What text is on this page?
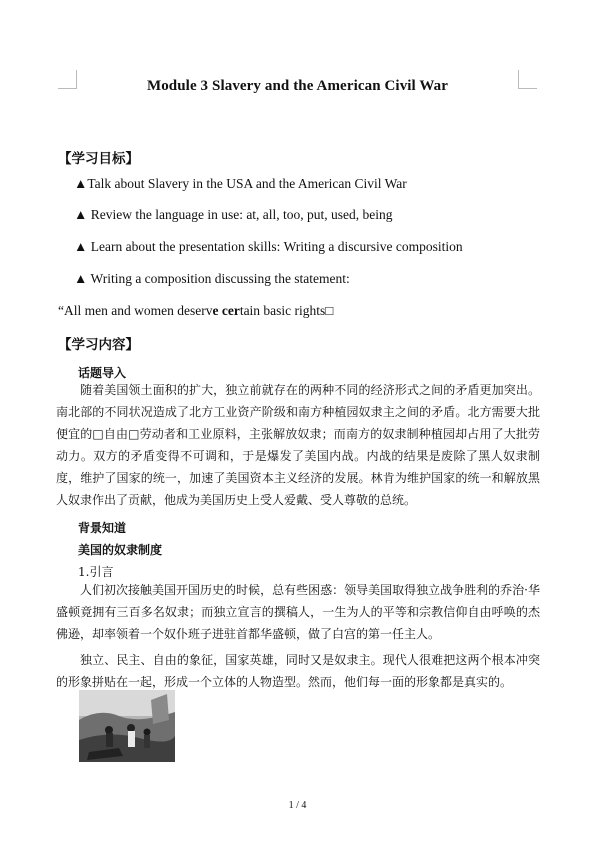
Module 3 Slavery and the American Civil War
【学习目标】
▲Talk about Slavery in the USA and the American Civil War
▲ Review the language in use: at, all, too, put, used, being
▲ Learn about the presentation skills: Writing a discursive composition
▲ Writing a composition discussing the statement:
“All men and women deserve certain basic rights□
【学习内容】
话题导入
随着美国领土面积的扩大，独立前就存在的两种不同的经济形式之间的矛盾更加突出。南北部的不同状况造成了北方工业资产阶级和南方种植园奴隶主之间的矛盾。北方需要大批便宜的□自由□劳动者和工业原料，主张解放奴隶；而南方的奴隶制种植园却占用了大批劳动力。双方的矛盾变得不可调和，于是爆发了美国内战。内战的结果是废除了黑人奴隶制度，维护了国家的统一，加速了美国资本主义经济的发展。林肯为维护国家的统一和解放黑人奴隶作出了贡献，他成为美国历史上受人爱戴、受人尊敬的总统。
背景知道
美国的奴隶制度
1.引言
人们初次接触美国开国历史的时候，总有些困惑：领导美国取得独立战争胜利的乔治·华盛顿竟拥有三百多名奴隶；而独立宣言的撰稿人，一生为人的平等和宗教信仰自由呼唤的杰佛逊，却率领着一个奴仆班子进驻首都华盛顿，做了白宫的第一任主人。
独立、民主、自由的象征，国家英雄，同时又是奴隶主。现代人很难把这两个根本冲突的形象拼贴在一起，形成一个立体的人物造型。然而，他们每一面的形象都是真实的。
1 / 4
